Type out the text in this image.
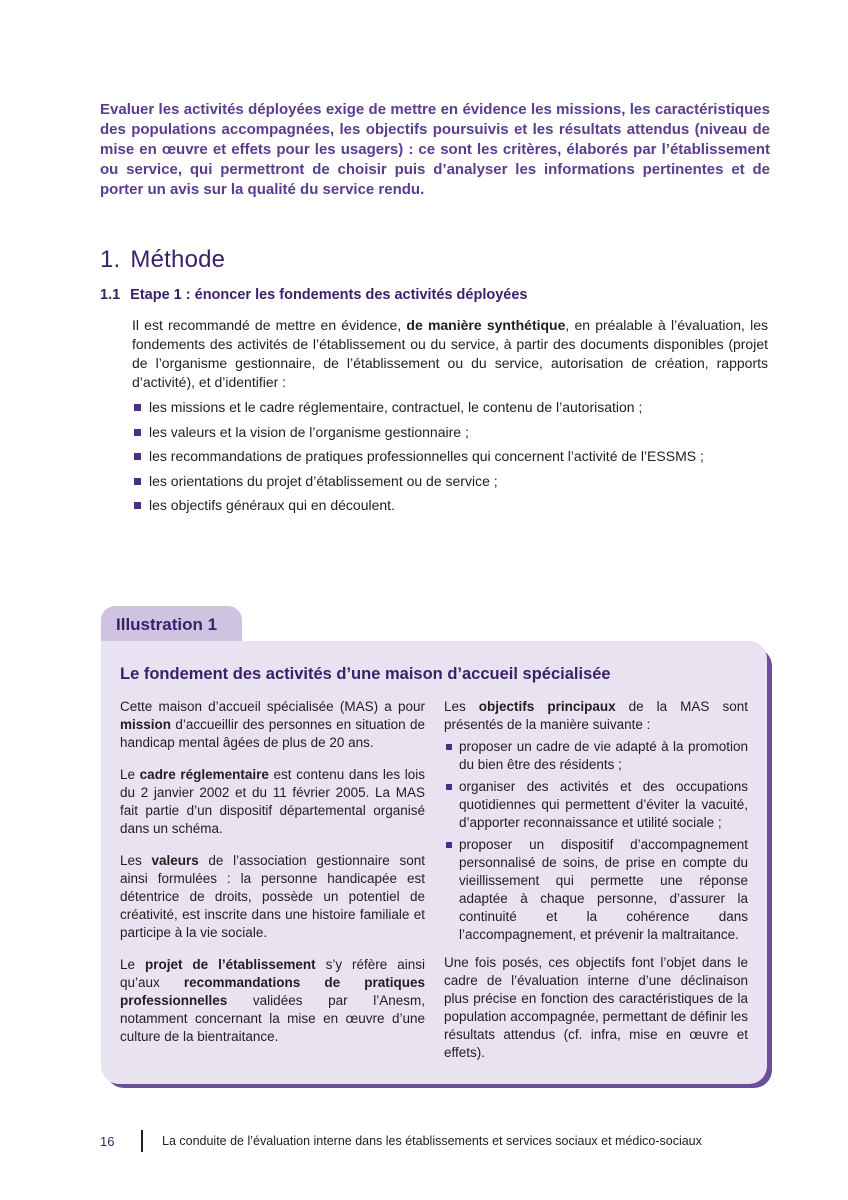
Evaluer les activités déployées exige de mettre en évidence les missions, les caractéristiques des populations accompagnées, les objectifs poursuivis et les résultats attendus (niveau de mise en œuvre et effets pour les usagers) : ce sont les critères, élaborés par l’établissement ou service, qui permettront de choisir puis d’analyser les informations pertinentes et de porter un avis sur la qualité du service rendu.

1. Méthode
1.1 Etape 1 : énoncer les fondements des activités déployées

Il est recommandé de mettre en évidence, de manière synthétique, en préalable à l’évaluation, les fondements des activités de l’établissement ou du service, à partir des documents disponibles (projet de l’organisme gestionnaire, de l’établissement ou du service, autorisation de création, rapports d’activité), et d’identifier :

les missions et le cadre réglementaire, contractuel, le contenu de l’autorisation ;
les valeurs et la vision de l’organisme gestionnaire ;
les recommandations de pratiques professionnelles qui concernent l’activité de l’ESSMS ;
les orientations du projet d’établissement ou de service ;
les objectifs généraux qui en découlent.
Illustration 1
Le fondement des activités d’une maison d’accueil spécialisée

Cette maison d’accueil spécialisée (MAS) a pour mission d’accueillir des personnes en situation de handicap mental âgées de plus de 20 ans.

Le cadre réglementaire est contenu dans les lois du 2 janvier 2002 et du 11 février 2005. La MAS fait partie d’un dispositif départemental organisé dans un schéma.

Les valeurs de l’association gestionnaire sont ainsi formulées : la personne handicapée est détentrice de droits, possède un potentiel de créativité, est inscrite dans une histoire familiale et participe à la vie sociale.

Le projet de l’établissement s’y réfère ainsi qu’aux recommandations de pratiques professionnelles validées par l’Anesm, notamment concernant la mise en œuvre d’une culture de la bientraitance.

Les objectifs principaux de la MAS sont présentés de la manière suivante :

proposer un cadre de vie adapté à la promotion du bien être des résidents ;
organiser des activités et des occupations quotidiennes qui permettent d’éviter la vacuité, d’apporter reconnaissance et utilité sociale ;
proposer un dispositif d’accompagnement personnalisé de soins, de prise en compte du vieillissement qui permette une réponse adaptée à chaque personne, d’assurer la continuité et la cohérence dans l’accompagnement, et prévenir la maltraitance.

Une fois posés, ces objectifs font l’objet dans le cadre de l’évaluation interne d’une déclinaison plus précise en fonction des caractéristiques de la population accompagnée, permettant de définir les résultats attendus (cf. infra, mise en œuvre et effets).

16	La conduite de l’évaluation interne dans les établissements et services sociaux et médico-sociaux
